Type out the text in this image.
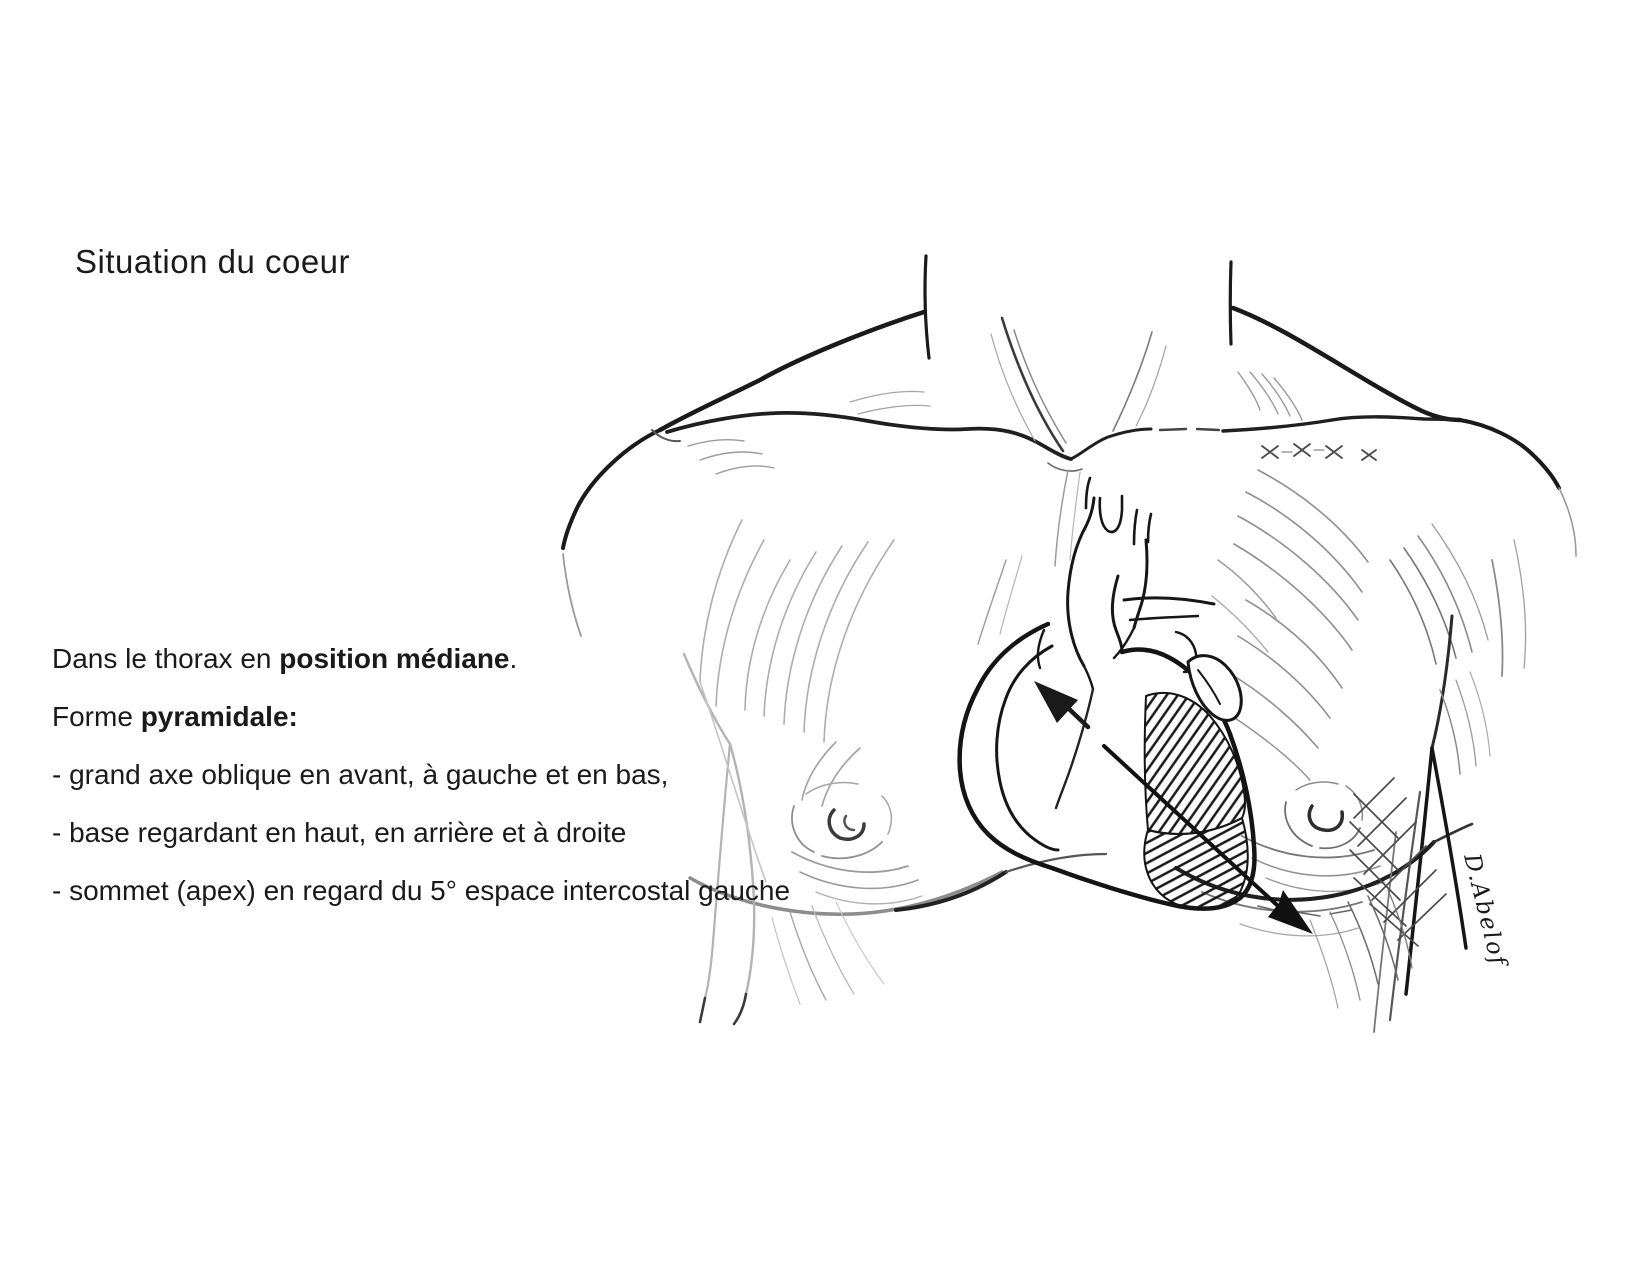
D.Abelof
Situation du coeur

Dans le thorax en position médiane.

Forme pyramidale:

- grand axe oblique en avant, à gauche et en bas,

- base regardant en haut, en arrière et à droite

- sommet (apex) en regard du 5° espace intercostal gauche
